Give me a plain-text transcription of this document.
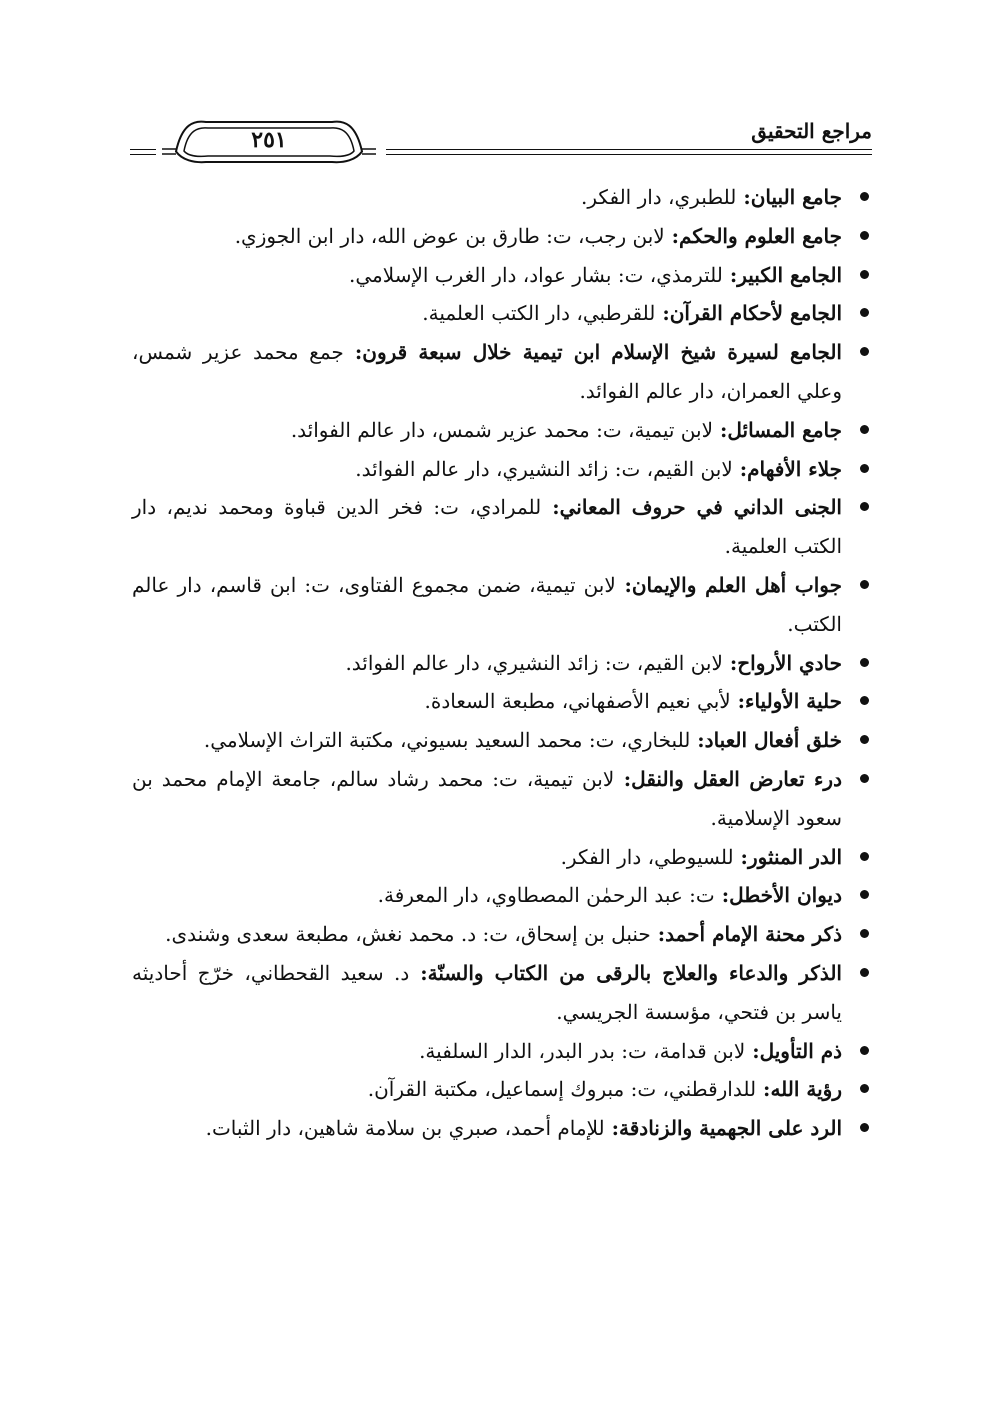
مراجع التحقيق
٢٥١
جامع البيان: للطبري، دار الفكر.
جامع العلوم والحكم: لابن رجب، ت: طارق بن عوض الله، دار ابن الجوزي.
الجامع الكبير: للترمذي، ت: بشار عواد، دار الغرب الإسلامي.
الجامع لأحكام القرآن: للقرطبي، دار الكتب العلمية.
الجامع لسيرة شيخ الإسلام ابن تيمية خلال سبعة قرون: جمع محمد عزير شمس، وعلي العمران، دار عالم الفوائد.
جامع المسائل: لابن تيمية، ت: محمد عزير شمس، دار عالم الفوائد.
جلاء الأفهام: لابن القيم، ت: زائد النشيري، دار عالم الفوائد.
الجنى الداني في حروف المعاني: للمرادي، ت: فخر الدين قباوة ومحمد نديم، دار الكتب العلمية.
جواب أهل العلم والإيمان: لابن تيمية، ضمن مجموع الفتاوى، ت: ابن قاسم، دار عالم الكتب.
حادي الأرواح: لابن القيم، ت: زائد النشيري، دار عالم الفوائد.
حلية الأولياء: لأبي نعيم الأصفهاني، مطبعة السعادة.
خلق أفعال العباد: للبخاري، ت: محمد السعيد بسيوني، مكتبة التراث الإسلامي.
درء تعارض العقل والنقل: لابن تيمية، ت: محمد رشاد سالم، جامعة الإمام محمد بن سعود الإسلامية.
الدر المنثور: للسيوطي، دار الفكر.
ديوان الأخطل: ت: عبد الرحمٰن المصطاوي، دار المعرفة.
ذكر محنة الإمام أحمد: حنبل بن إسحاق، ت: د. محمد نغش، مطبعة سعدى وشندى.
الذكر والدعاء والعلاج بالرقى من الكتاب والسنّة: د. سعيد القحطاني، خرّج أحاديثه ياسر بن فتحي، مؤسسة الجريسي.
ذم التأويل: لابن قدامة، ت: بدر البدر، الدار السلفية.
رؤية الله: للدارقطني، ت: مبروك إسماعيل، مكتبة القرآن.
الرد على الجهمية والزنادقة: للإمام أحمد، صبري بن سلامة شاهين، دار الثبات.
